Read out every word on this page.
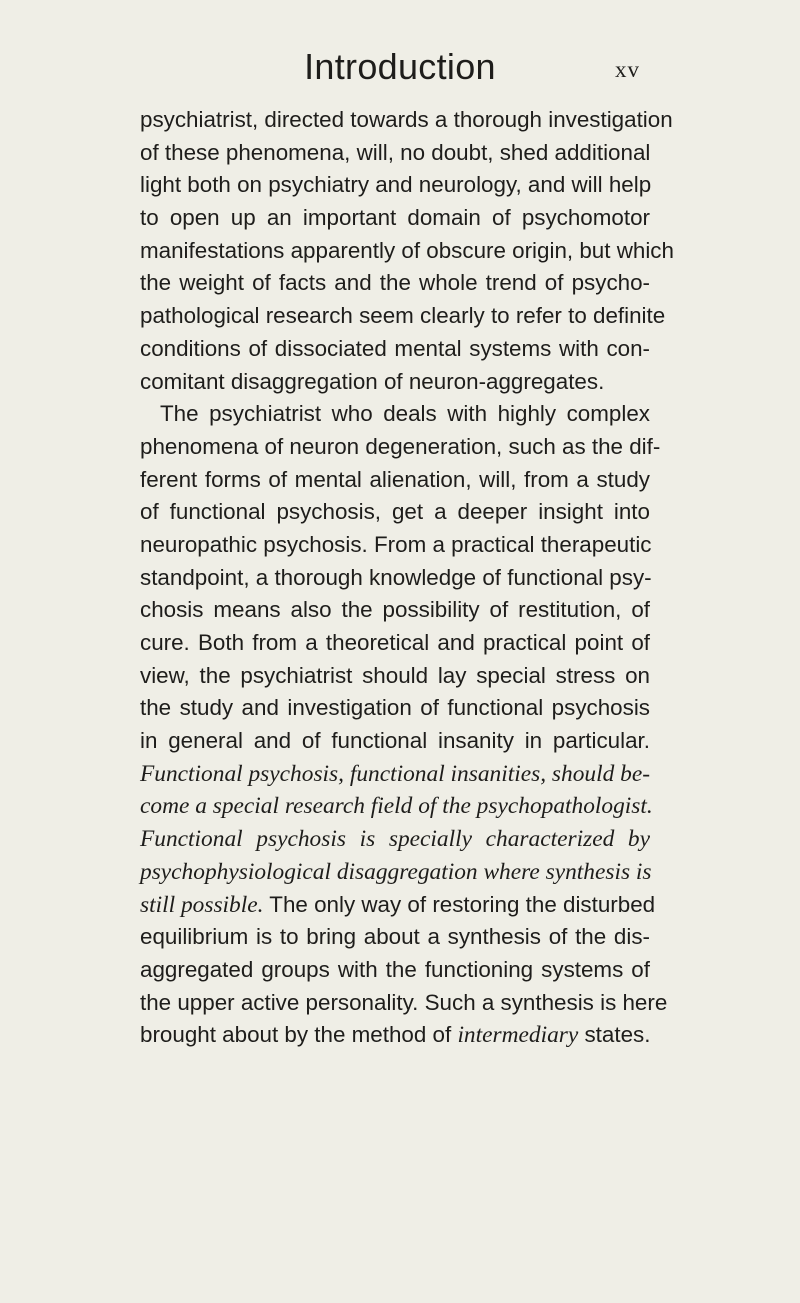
Introduction	xv
psychiatrist, directed towards a thorough investigation
of these phenomena, will, no doubt, shed additional
light both on psychiatry and neurology, and will help
to open up an important domain of psychomotor
manifestations apparently of obscure origin, but which
the weight of facts and the whole trend of psycho-
pathological research seem clearly to refer to definite
conditions of dissociated mental systems with con-
comitant disaggregation of neuron-aggregates.
The psychiatrist who deals with highly complex
phenomena of neuron degeneration, such as the dif-
ferent forms of mental alienation, will, from a study
of functional psychosis, get a deeper insight into
neuropathic psychosis. From a practical therapeutic
standpoint, a thorough knowledge of functional psy-
chosis means also the possibility of restitution, of
cure. Both from a theoretical and practical point of
view, the psychiatrist should lay special stress on
the study and investigation of functional psychosis
in general and of functional insanity in particular.
Functional psychosis, functional insanities, should be-
come a special research field of the psychopathologist.
Functional psychosis is specially characterized by
psychophysiological disaggregation where synthesis is
still possible. The only way of restoring the disturbed
equilibrium is to bring about a synthesis of the dis-
aggregated groups with the functioning systems of
the upper active personality. Such a synthesis is here
brought about by the method of intermediary states.
